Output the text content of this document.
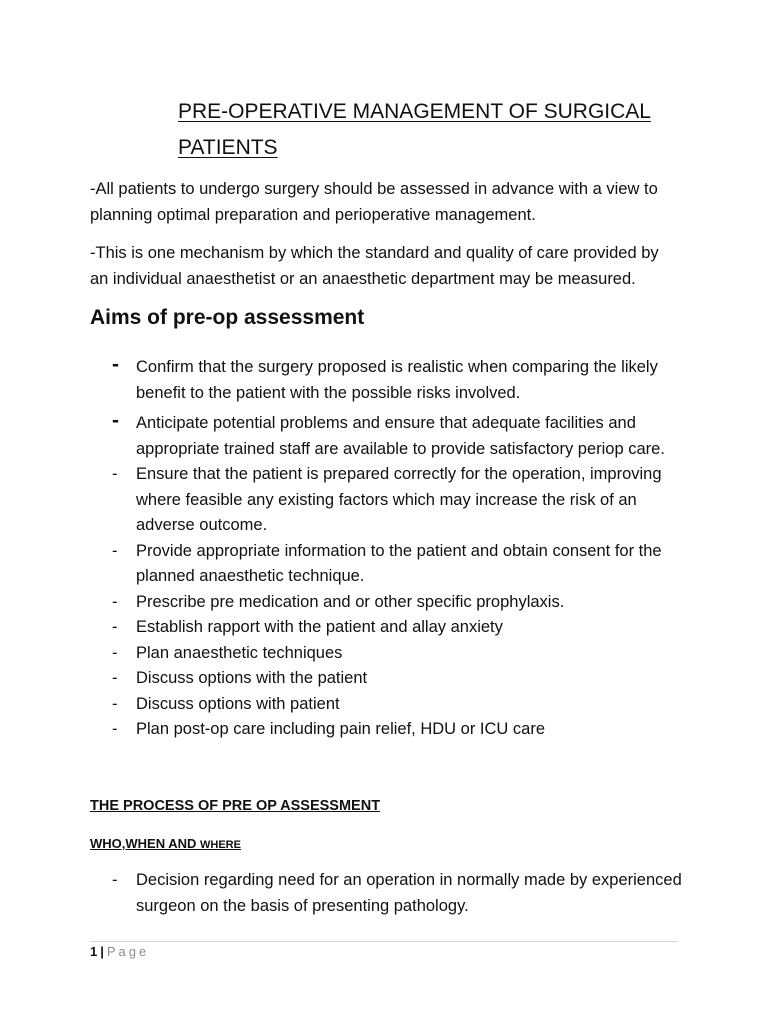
PRE-OPERATIVE MANAGEMENT OF SURGICAL
PATIENTS

-All patients to undergo surgery should be assessed in advance with a view to planning optimal preparation and perioperative management.

-This is one mechanism by which the standard and quality of care provided by an individual anaesthetist or an anaesthetic department may be measured.

Aims of pre-op assessment
- Confirm that the surgery proposed is realistic when comparing the likely benefit to the patient with the possible risks involved.
- Anticipate potential problems and ensure that adequate facilities and appropriate trained staff are available to provide satisfactory periop care.
- Ensure that the patient is prepared correctly for the operation, improving where feasible any existing factors which may increase the risk of an adverse outcome.
- Provide appropriate information to the patient and obtain consent for the planned anaesthetic technique.
- Prescribe pre medication and or other specific prophylaxis.
- Establish rapport with the patient and allay anxiety
- Plan anaesthetic techniques
- Discuss options with the patient
- Discuss options with patient
- Plan post-op care including pain relief, HDU or ICU care
THE PROCESS OF PRE OP ASSESSMENT
WHO,WHEN AND WHERE
- Decision regarding need for an operation in normally made by experienced surgeon on the basis of presenting pathology.
1 | Page
